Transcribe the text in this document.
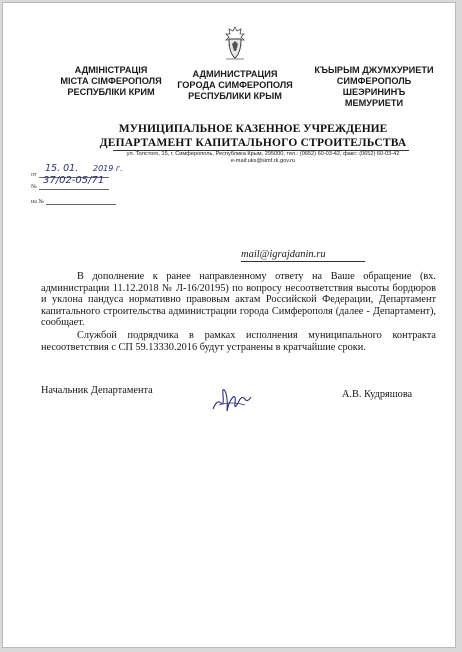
АДМІНІСТРАЦІЯ
МІСТА СІМФЕРОПОЛЯ
РЕСПУБЛІКИ КРИМ
АДМИНИСТРАЦИЯ
ГОРОДА СИМФЕРОПОЛЯ
РЕСПУБЛИКИ КРЫМ
КЪЫРЫМ ДЖУМХУРИЕТИ
СИМФЕРОПОЛЬ
ШЕЭРИНИНЪ
МЕМУРИЕТИ
МУНИЦИПАЛЬНОЕ КАЗЕННОЕ УЧРЕЖДЕНИЕ
ДЕПАРТАМЕНТ КАПИТАЛЬНОГО СТРОИТЕЛЬСТВА
ул. Толстого, 15, г. Симферополь, Республика Крым, 295000, тел.: (0652) 60-03-42, факс: (0652) 60-03-42
e-mail:uks@simf.rk.gov.ru
от
15. 01. 2019 г.
№
37/02-05/71
на №
mail@igrajdanin.ru
В дополнение к ранее направленному ответу на Ваше обращение (вх. администрации 11.12.2018 № Л-16/20195) по вопросу несоответствия высоты бордюров и уклона пандуса нормативно правовым актам Российской Федерации, Департамент капитального строительства администрации города Симферополя (далее - Департамент), сообщает.
Службой подрядчика в рамках исполнения муниципального контракта несоответствия с СП 59.13330.2016 будут устранены в кратчайшие сроки.
Начальник Департамента	А.В. Кудряшова
